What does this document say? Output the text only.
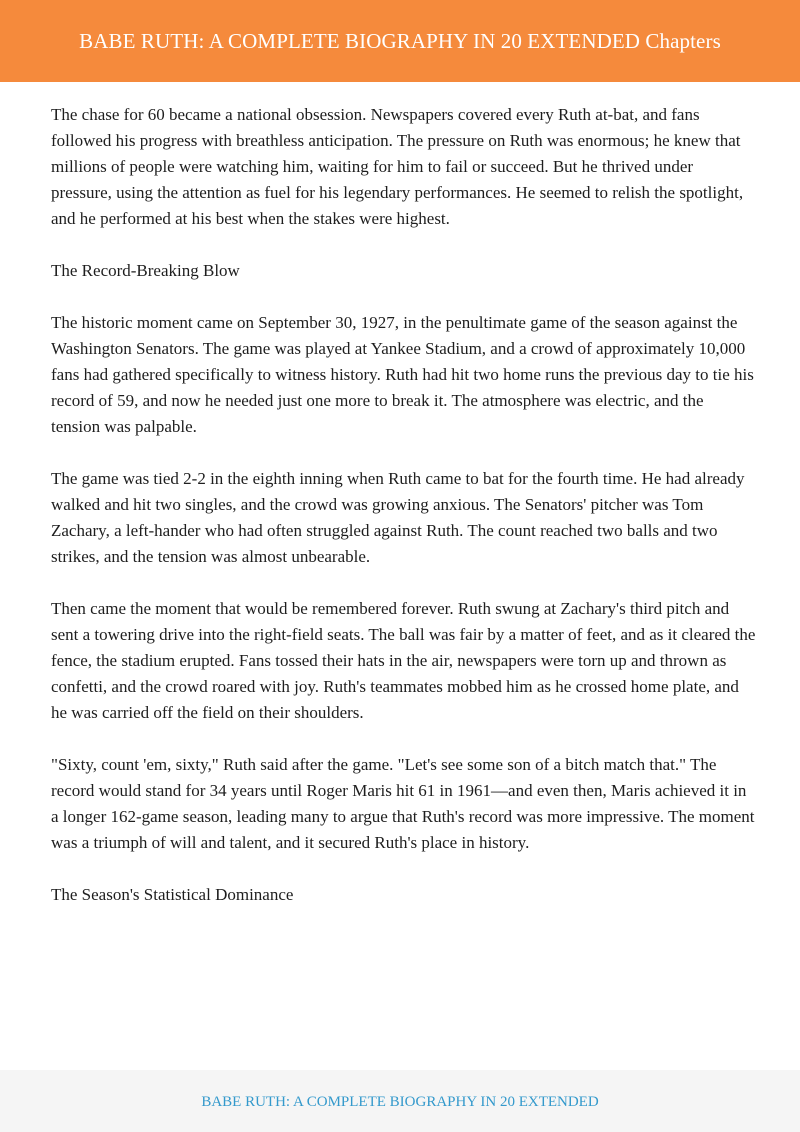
BABE RUTH: A COMPLETE BIOGRAPHY IN 20 EXTENDED Chapters

The chase for 60 became a national obsession. Newspapers covered every Ruth at-bat, and fans followed his progress with breathless anticipation. The pressure on Ruth was enormous; he knew that millions of people were watching him, waiting for him to fail or succeed. But he thrived under pressure, using the attention as fuel for his legendary performances. He seemed to relish the spotlight, and he performed at his best when the stakes were highest.

The Record-Breaking Blow

The historic moment came on September 30, 1927, in the penultimate game of the season against the Washington Senators. The game was played at Yankee Stadium, and a crowd of approximately 10,000 fans had gathered specifically to witness history. Ruth had hit two home runs the previous day to tie his record of 59, and now he needed just one more to break it. The atmosphere was electric, and the tension was palpable.

The game was tied 2-2 in the eighth inning when Ruth came to bat for the fourth time. He had already walked and hit two singles, and the crowd was growing anxious. The Senators' pitcher was Tom Zachary, a left-hander who had often struggled against Ruth. The count reached two balls and two strikes, and the tension was almost unbearable.

Then came the moment that would be remembered forever. Ruth swung at Zachary's third pitch and sent a towering drive into the right-field seats. The ball was fair by a matter of feet, and as it cleared the fence, the stadium erupted. Fans tossed their hats in the air, newspapers were torn up and thrown as confetti, and the crowd roared with joy. Ruth's teammates mobbed him as he crossed home plate, and he was carried off the field on their shoulders.

"Sixty, count 'em, sixty," Ruth said after the game. "Let's see some son of a bitch match that." The record would stand for 34 years until Roger Maris hit 61 in 1961—and even then, Maris achieved it in a longer 162-game season, leading many to argue that Ruth's record was more impressive. The moment was a triumph of will and talent, and it secured Ruth's place in history.

The Season's Statistical Dominance

BABE RUTH: A COMPLETE BIOGRAPHY IN 20 EXTENDED
